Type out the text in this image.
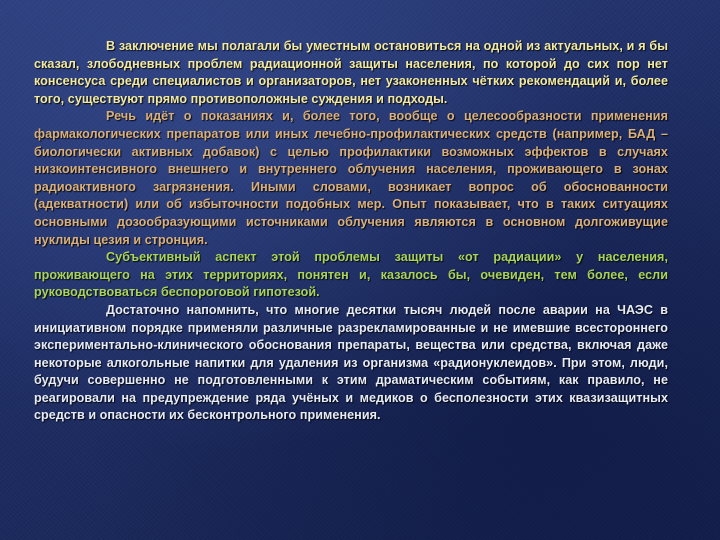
В заключение мы полагали бы уместным остановиться на одной из актуальных, и я бы сказал, злободневных проблем радиационной защиты населения, по которой до сих пор нет консенсуса среди специалистов и организаторов, нет узаконенных чётких рекомендаций и, более того, существуют прямо противоположные суждения и подходы.

Речь идёт о показаниях и, более того, вообще о целесообразности применения фармакологических препаратов или иных лечебно-профилактических средств (например, БАД – биологически активных добавок) с целью профилактики возможных эффектов в случаях низкоинтенсивного внешнего и внутреннего облучения населения, проживающего в зонах радиоактивного загрязнения. Иными словами, возникает вопрос об обоснованности (адекватности) или об избыточности подобных мер. Опыт показывает, что в таких ситуациях основными дозообразующими источниками облучения являются в основном долгоживущие нуклиды цезия и стронция.

Субъективный аспект этой проблемы защиты «от радиации» у населения, проживающего на этих территориях, понятен и, казалось бы, очевиден, тем более, если руководствоваться беспороговой гипотезой.

Достаточно напомнить, что многие десятки тысяч людей после аварии на ЧАЭС в инициативном порядке применяли различные разрекламированные и не имевшие всестороннего экспериментально-клинического обоснования препараты, вещества или средства, включая даже некоторые алкогольные напитки для удаления из организма «радионуклеидов». При этом, люди, будучи совершенно не подготовленными к этим драматическим событиям, как правило, не реагировали на предупреждение ряда учёных и медиков о бесполезности этих квазизащитных средств и опасности их бесконтрольного применения.
